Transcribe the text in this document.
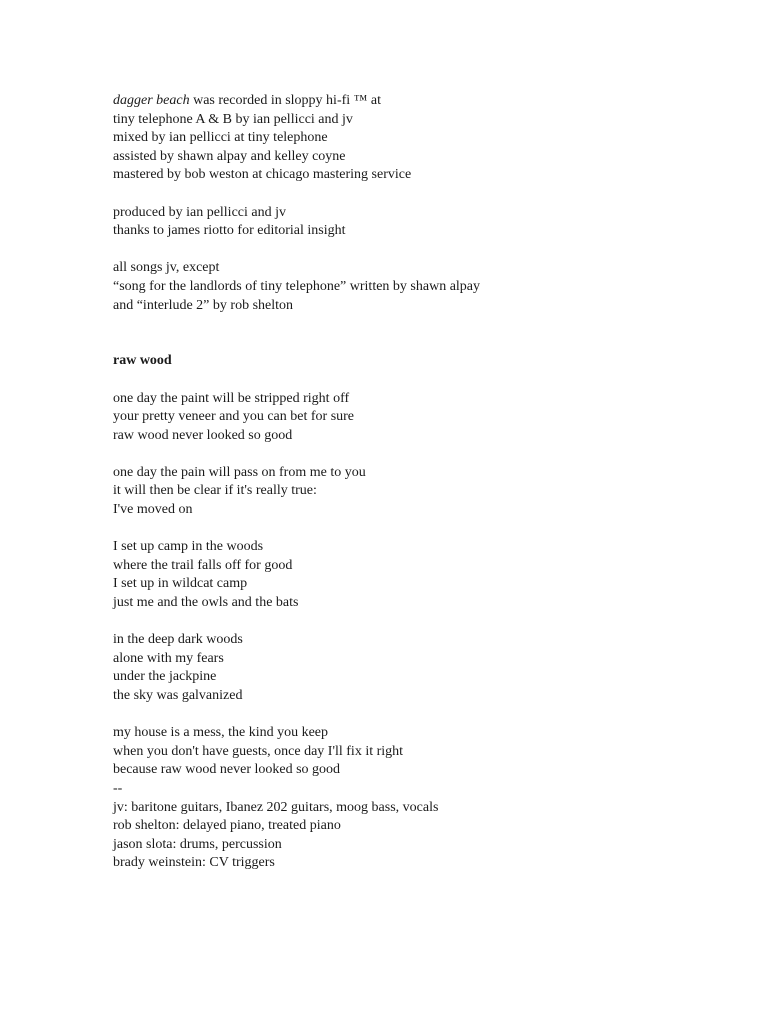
dagger beach was recorded in sloppy hi-fi ™ at
tiny telephone A & B by ian pellicci and jv
mixed by ian pellicci at tiny telephone
assisted by shawn alpay and kelley coyne
mastered by bob weston at chicago mastering service
produced by ian pellicci and jv
thanks to james riotto for editorial insight
all songs jv, except
“song for the landlords of tiny telephone” written by shawn alpay
and “interlude 2” by rob shelton
raw wood
one day the paint will be stripped right off
your pretty veneer and you can bet for sure
raw wood never looked so good
one day the pain will pass on from me to you
it will then be clear if it's really true:
I've moved on
I set up camp in the woods
where the trail falls off for good
I set up in wildcat camp
just me and the owls and the bats
in the deep dark woods
alone with my fears
under the jackpine
the sky was galvanized
my house is a mess, the kind you keep
when you don't have guests, once day I'll fix it right
because raw wood never looked so good
--
jv: baritone guitars, Ibanez 202 guitars, moog bass, vocals
rob shelton: delayed piano, treated piano
jason slota: drums, percussion
brady weinstein: CV triggers
